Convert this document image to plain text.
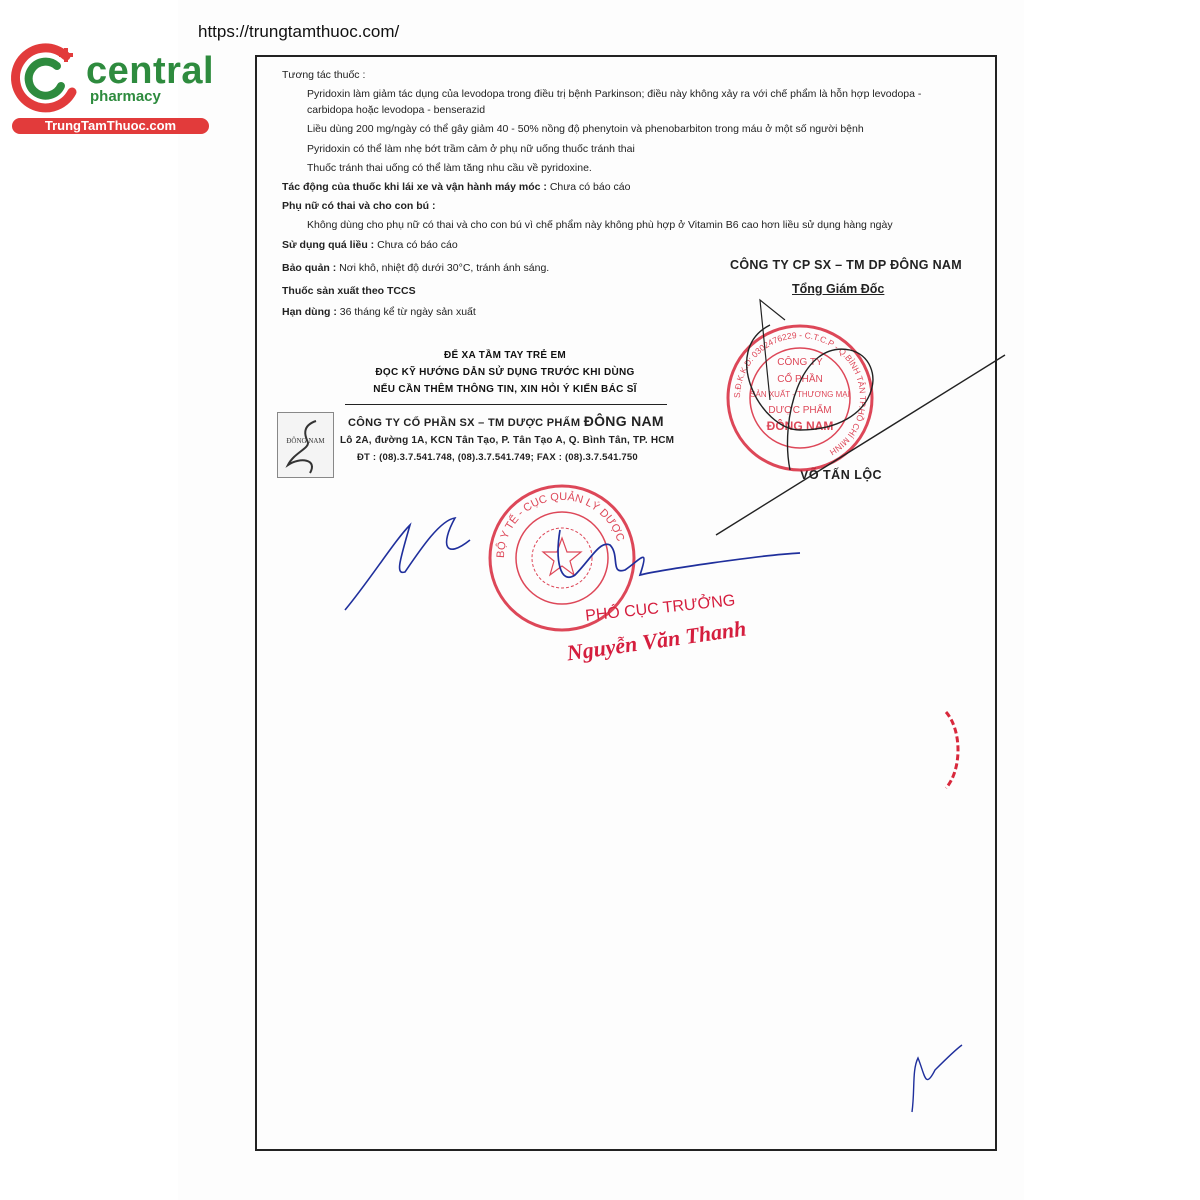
https://trungtamthuoc.com/
central
pharmacy
TrungTamThuoc.com
Tương tác thuốc :
Pyridoxin làm giảm tác dụng của levodopa trong điều trị bệnh Parkinson; điều này không xảy ra với chế phẩm là hỗn hợp levodopa -
carbidopa hoặc levodopa - benserazid
Liều dùng 200 mg/ngày có thể gây giảm 40 - 50% nồng độ phenytoin và phenobarbiton trong máu ở một số người bệnh
Pyridoxin có thể làm nhẹ bớt trầm cảm ở phụ nữ uống thuốc tránh thai
Thuốc tránh thai uống có thể làm tăng nhu cầu về pyridoxine.
Tác động của thuốc khi lái xe và vận hành máy móc : Chưa có báo cáo
Phụ nữ có thai và cho con bú :
Không dùng cho phụ nữ có thai và cho con bú vì chế phẩm này không phù hợp ở Vitamin B6 cao hơn liều sử dụng hàng ngày
Sử dụng quá liều : Chưa có báo cáo
Bảo quản : Nơi khô, nhiệt độ dưới 30°C, tránh ánh sáng.
Thuốc sản xuất theo TCCS
Hạn dùng : 36 tháng kể từ ngày sản xuất
CÔNG TY CP SX – TM DP ĐÔNG NAM
Tổng Giám Đốc
VÕ TẤN LỘC
ĐỂ XA TẦM TAY TRẺ EM
ĐỌC KỸ HƯỚNG DẪN SỬ DỤNG TRƯỚC KHI DÙNG
NẾU CẦN THÊM THÔNG TIN, XIN HỎI Ý KIẾN BÁC SĨ
ĐÔNG NAM
CÔNG TY CỔ PHẦN SX – TM DƯỢC PHẨM ĐÔNG NAM
Lô 2A, đường 1A, KCN Tân Tạo, P. Tân Tạo A, Q. Bình Tân, TP. HCM
ĐT : (08).3.7.541.748, (08).3.7.541.749; FAX : (08).3.7.541.750
PHÓ CỤC TRƯỞNG
Nguyễn Văn Thanh
S.Đ.K.K.D: 0302476229 - C.T.C.P - Q.BÌNH TÂN TP.HỒ CHÍ MINH
CÔNG TY
CỔ PHẦN
SẢN XUẤT - THƯƠNG MẠI
DƯỢC PHẨM
ĐÔNG NAM
BỘ Y TẾ - CỤC QUẢN LÝ DƯỢC
